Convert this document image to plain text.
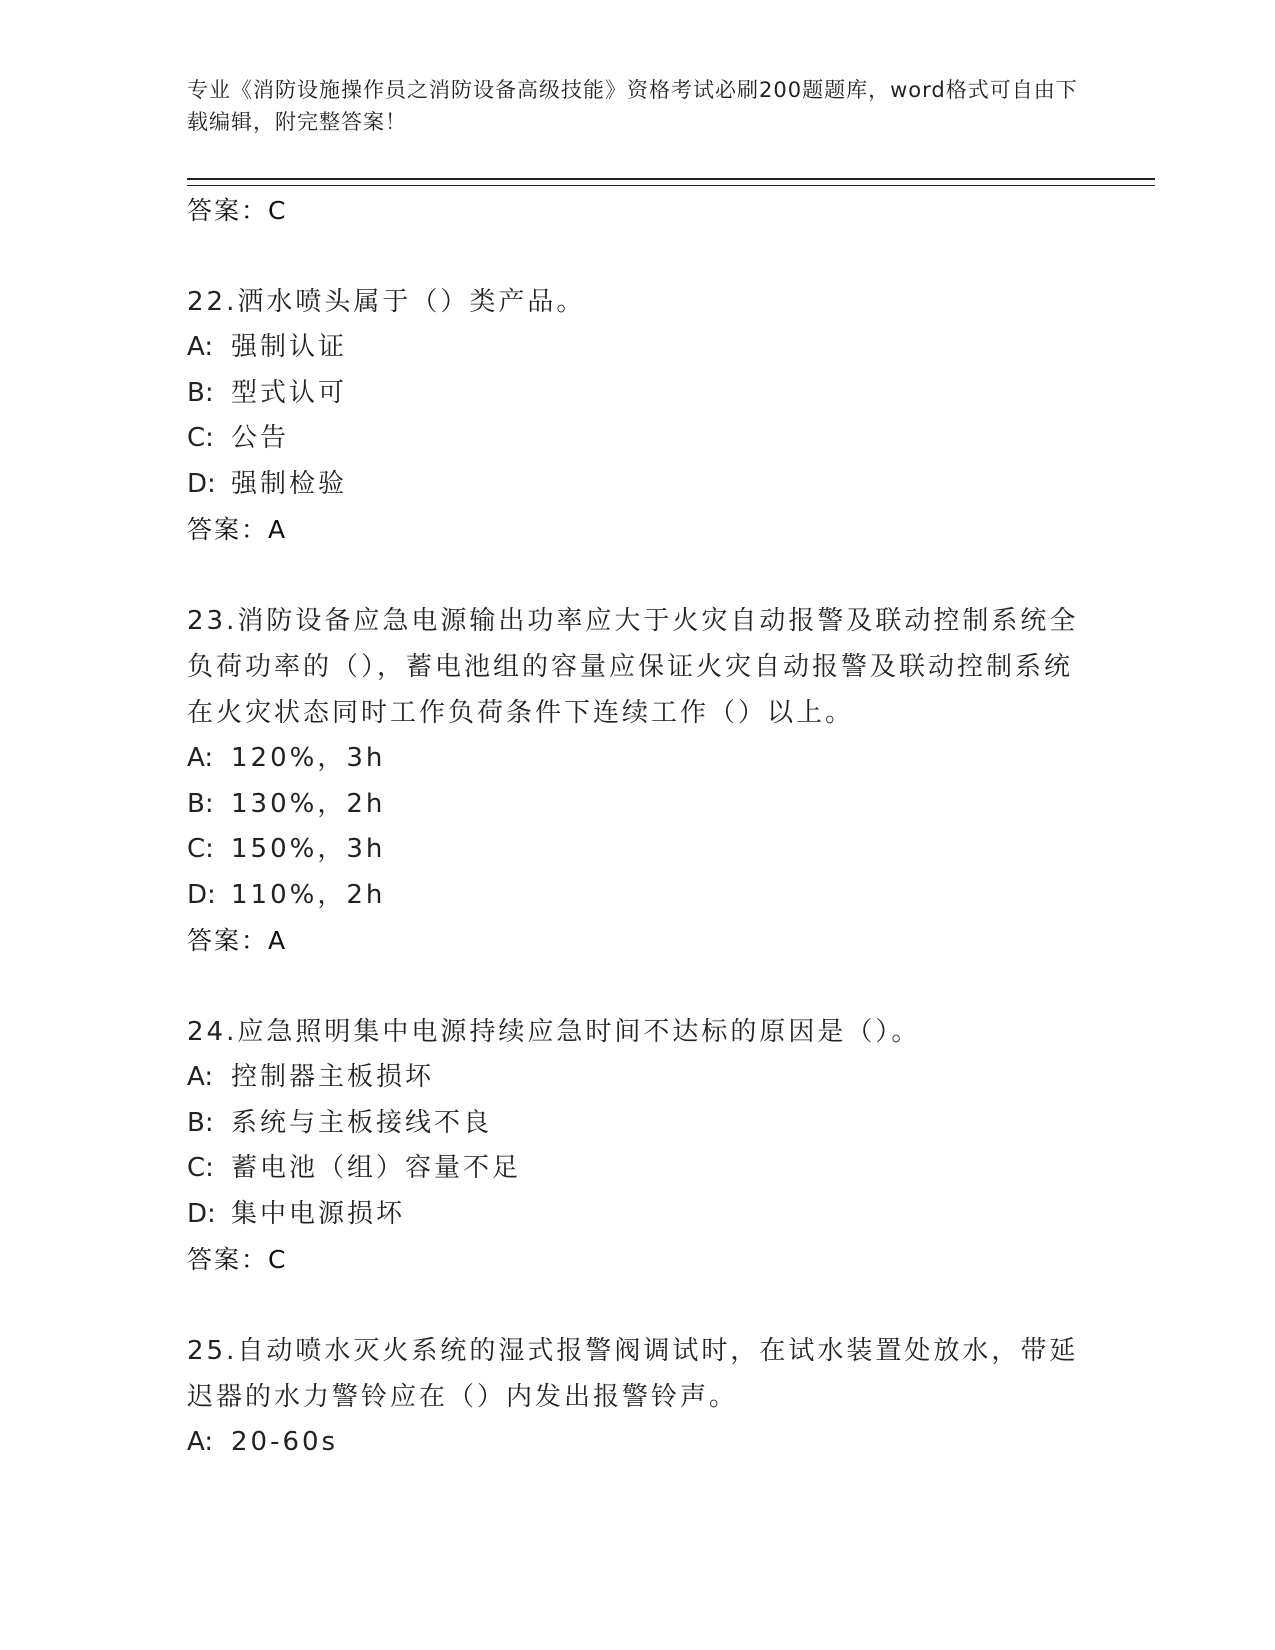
专业《消防设施操作员之消防设备高级技能》资格考试必刷200题题库，word格式可自由下载编辑，附完整答案！
答案：C
22.洒水喷头属于（）类产品。
A: 强制认证
B: 型式认可
C: 公告
D: 强制检验
答案：A
23.消防设备应急电源输出功率应大于火灾自动报警及联动控制系统全负荷功率的（），蓄电池组的容量应保证火灾自动报警及联动控制系统在火灾状态同时工作负荷条件下连续工作（）以上。
A: 120%，3h
B: 130%，2h
C: 150%，3h
D: 110%，2h
答案：A
24.应急照明集中电源持续应急时间不达标的原因是（）。
A: 控制器主板损坏
B: 系统与主板接线不良
C: 蓄电池（组）容量不足
D: 集中电源损坏
答案：C
25.自动喷水灭火系统的湿式报警阀调试时，在试水装置处放水，带延迟器的水力警铃应在（）内发出报警铃声。
A: 20-60s
